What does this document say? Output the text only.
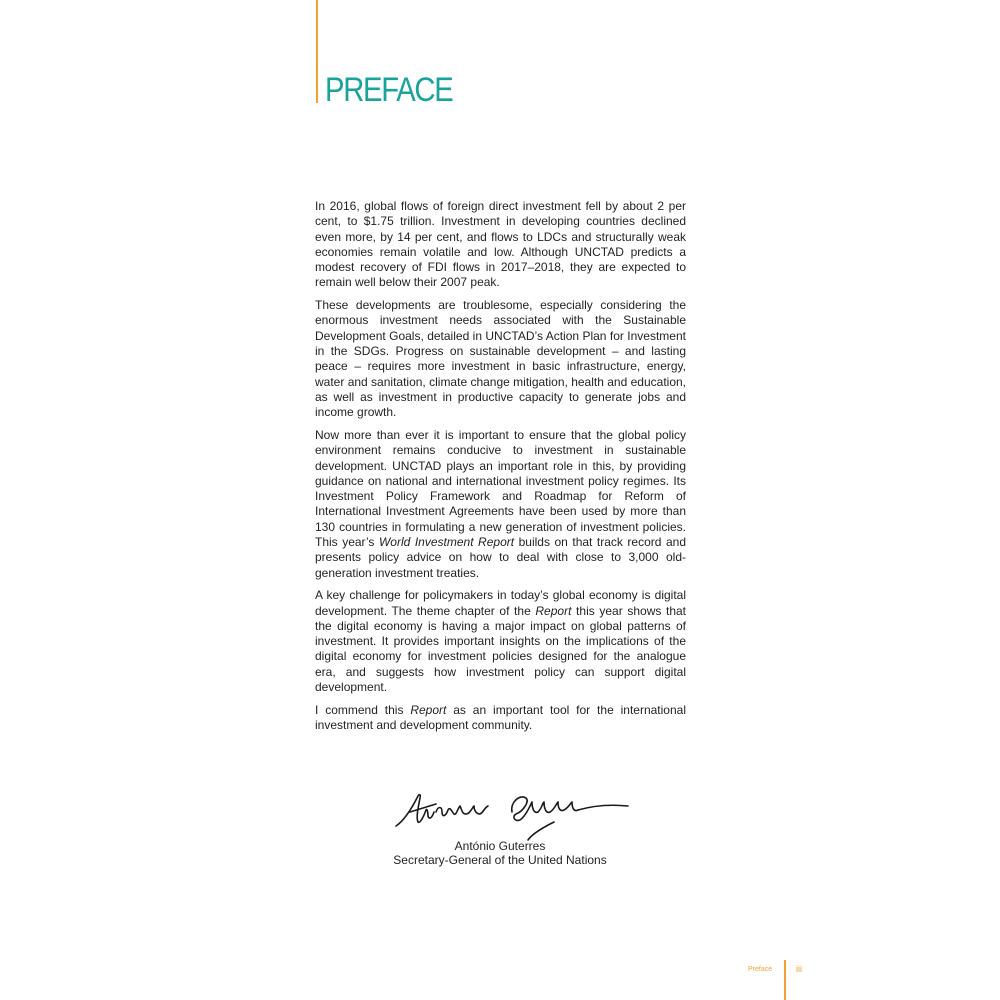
PREFACE

In 2016, global flows of foreign direct investment fell by about 2 per cent, to $1.75 trillion. Investment in developing countries declined even more, by 14 per cent, and flows to LDCs and structurally weak economies remain volatile and low. Although UNCTAD predicts a modest recovery of FDI flows in 2017–2018, they are expected to remain well below their 2007 peak.

These developments are troublesome, especially considering the enormous investment needs associated with the Sustainable Development Goals, detailed in UNCTAD’s Action Plan for Investment in the SDGs. Progress on sustainable development – and lasting peace – requires more investment in basic infrastructure, energy, water and sanitation, climate change mitigation, health and education, as well as investment in productive capacity to generate jobs and income growth.

Now more than ever it is important to ensure that the global policy environment remains conducive to investment in sustainable development. UNCTAD plays an important role in this, by providing guidance on national and international investment policy regimes. Its Investment Policy Framework and Roadmap for Reform of International Investment Agreements have been used by more than 130 countries in formulating a new generation of investment policies. This year’s World Investment Report builds on that track record and presents policy advice on how to deal with close to 3,000 old-generation investment treaties.

A key challenge for policymakers in today’s global economy is digital development. The theme chapter of the Report this year shows that the digital economy is having a major impact on global patterns of investment. It provides important insights on the implications of the digital economy for investment policies designed for the analogue era, and suggests how investment policy can support digital development.

I commend this Report as an important tool for the international investment and development community.

António Guterres
Secretary-General of the United Nations
Preface	iii
